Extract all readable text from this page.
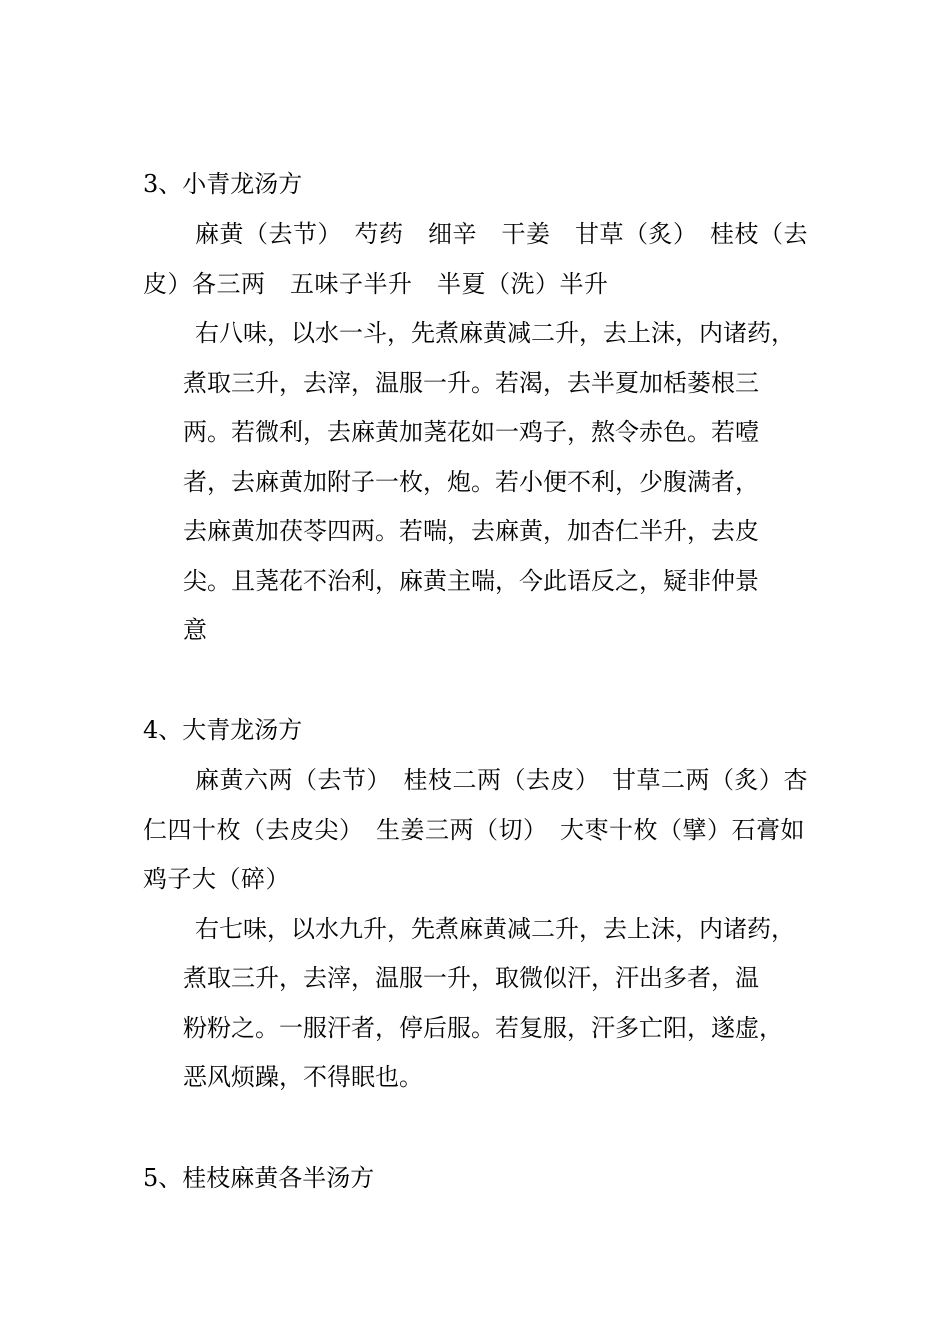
3、小青龙汤方
麻黄（去节）　芍药　细辛　干姜　甘草（炙）　桂枝（去皮）各三两　五味子半升　半夏（洗）半升
右八味，以水一斗，先煮麻黄减二升，去上沫，内诸药，
煮取三升，去滓，温服一升。若渴，去半夏加栝蒌根三
两。若微利，去麻黄加荛花如一鸡子，熬令赤色。若噎
者，去麻黄加附子一枚，炮。若小便不利，少腹满者，
去麻黄加茯苓四两。若喘，去麻黄，加杏仁半升，去皮
尖。且荛花不治利，麻黄主喘，今此语反之，疑非仲景
意
4、大青龙汤方
麻黄六两（去节）　桂枝二两（去皮）　甘草二两（炙）杏仁四十枚（去皮尖）　生姜三两（切）　大枣十枚（擘）石膏如鸡子大（碎）
右七味，以水九升，先煮麻黄减二升，去上沫，内诸药，
煮取三升，去滓，温服一升，取微似汗，汗出多者，温
粉粉之。一服汗者，停后服。若复服，汗多亡阳，遂虚，
恶风烦躁，不得眠也。
5、桂枝麻黄各半汤方
